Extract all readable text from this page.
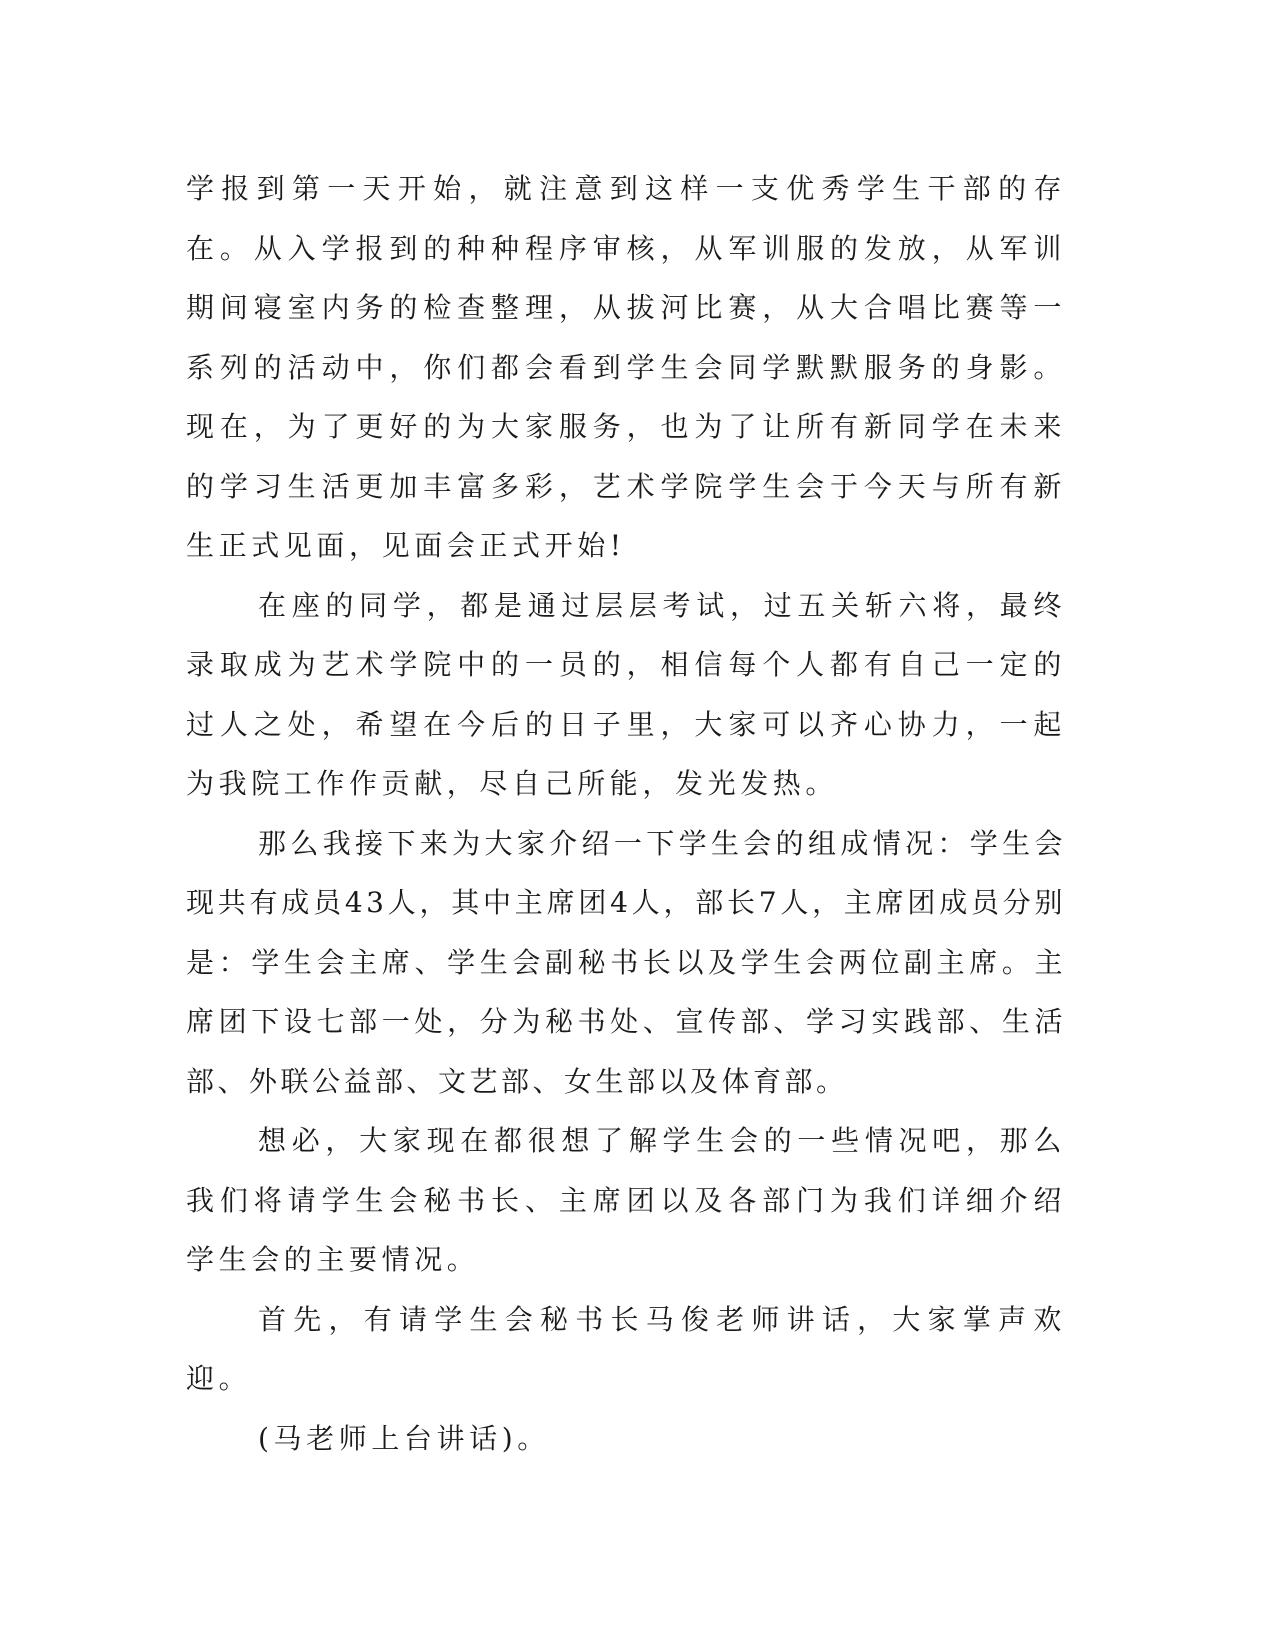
学报到第一天开始，就注意到这样一支优秀学生干部的存在。从入学报到的种种程序审核，从军训服的发放，从军训期间寝室内务的检查整理，从拔河比赛，从大合唱比赛等一系列的活动中，你们都会看到学生会同学默默服务的身影。现在，为了更好的为大家服务，也为了让所有新同学在未来的学习生活更加丰富多彩，艺术学院学生会于今天与所有新生正式见面，见面会正式开始!

在座的同学，都是通过层层考试，过五关斩六将，最终录取成为艺术学院中的一员的，相信每个人都有自己一定的过人之处，希望在今后的日子里，大家可以齐心协力，一起为我院工作作贡献，尽自己所能，发光发热。

那么我接下来为大家介绍一下学生会的组成情况：学生会现共有成员43人，其中主席团4人，部长7人，主席团成员分别是：学生会主席、学生会副秘书长以及学生会两位副主席。主席团下设七部一处，分为秘书处、宣传部、学习实践部、生活部、外联公益部、文艺部、女生部以及体育部。

想必，大家现在都很想了解学生会的一些情况吧，那么我们将请学生会秘书长、主席团以及各部门为我们详细介绍学生会的主要情况。

首先，有请学生会秘书长马俊老师讲话，大家掌声欢迎。

(马老师上台讲话)。
